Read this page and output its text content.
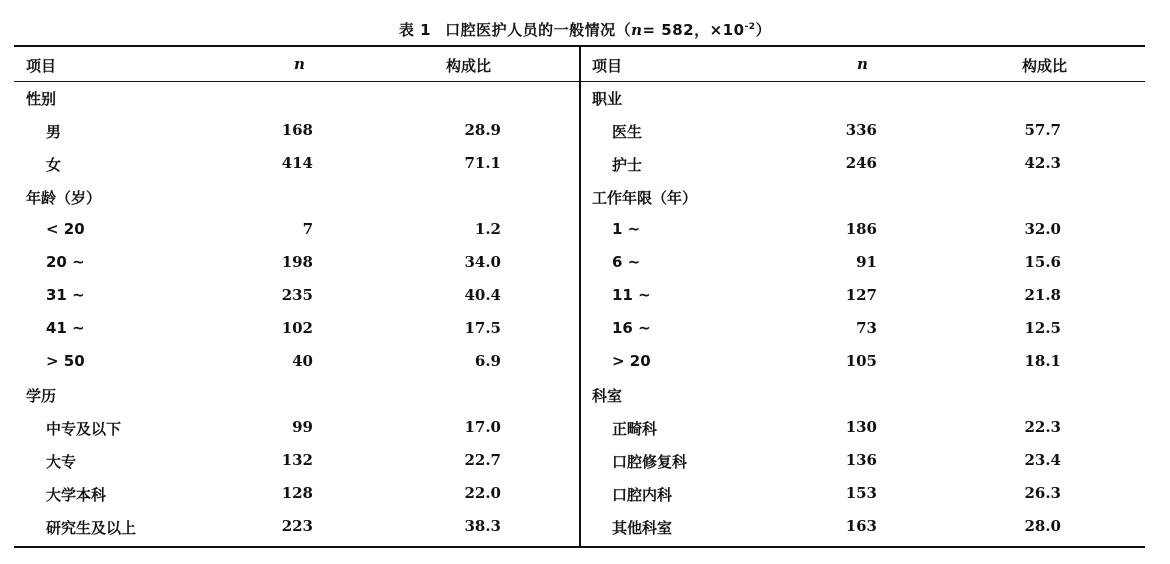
表 1 口腔医护人员的一般情况（n= 582，$\times 10^{-2}$）
项目	n	构成比
性别
男	168	28.9
女	414	71.1
年龄（岁）
< 20	7	1.2
20 ~	198	34.0
31 ~	235	40.4
41 ~	102	17.5
> 50	40	6.9
学历
中专及以下	99	17.0
大专	132	22.7
大学本科	128	22.0
研究生及以上	223	38.3
项目	n	构成比
职业
医生	336	57.7
护士	246	42.3
工作年限（年）
1 ~	186	32.0
6 ~	91	15.6
11 ~	127	21.8
16 ~	73	12.5
> 20	105	18.1
科室
正畸科	130	22.3
口腔修复科	136	23.4
口腔内科	153	26.3
其他科室	163	28.0
